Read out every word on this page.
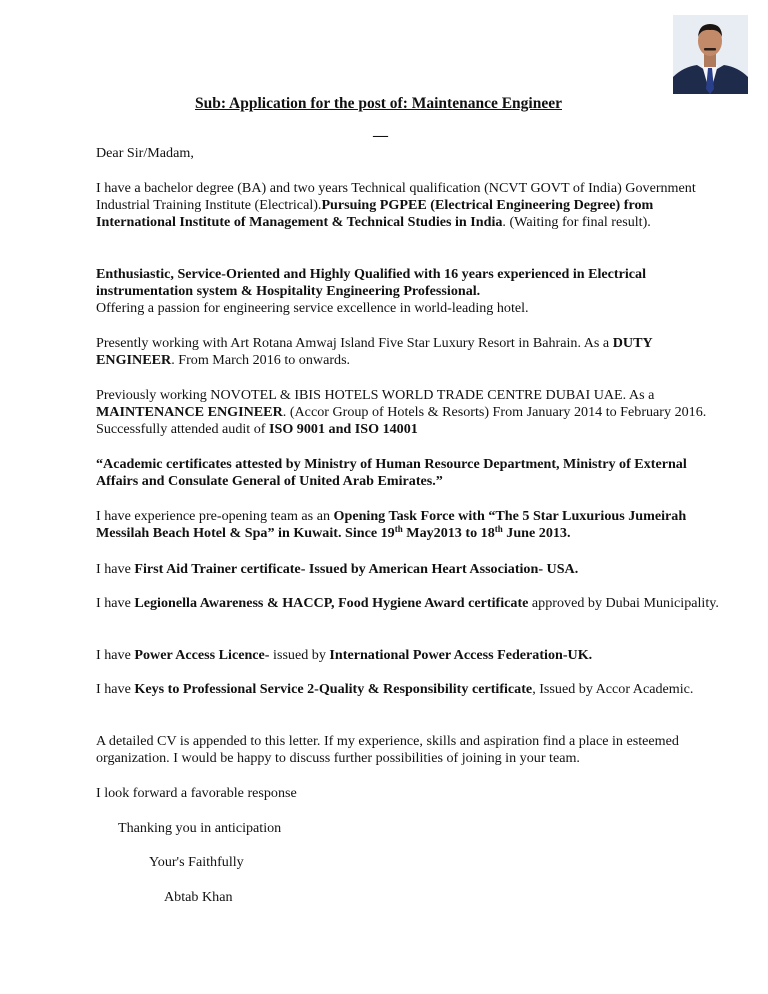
Sub: Application for the post of: Maintenance Engineer
__

Dear Sir/Madam,

I have a bachelor degree (BA) and two years Technical qualification (NCVT GOVT of India) Government Industrial Training Institute (Electrical).Pursuing PGPEE (Electrical Engineering Degree) from International Institute of Management & Technical Studies in India. (Waiting for final result).

Enthusiastic, Service-Oriented and Highly Qualified with 16 years experienced in Electrical instrumentation system & Hospitality Engineering Professional.
Offering a passion for engineering service excellence in world-leading hotel.

Presently working with Art Rotana Amwaj Island Five Star Luxury Resort in Bahrain. As a DUTY ENGINEER. From March 2016 to onwards.

Previously working NOVOTEL & IBIS HOTELS WORLD TRADE CENTRE DUBAI UAE. As a MAINTENANCE ENGINEER. (Accor Group of Hotels & Resorts) From January 2014 to February 2016. Successfully attended audit of ISO 9001 and ISO 14001

“Academic certificates attested by Ministry of Human Resource Department, Ministry of External Affairs and Consulate General of United Arab Emirates.”

I have experience pre-opening team as an Opening Task Force with “The 5 Star Luxurious Jumeirah Messilah Beach Hotel & Spa” in Kuwait. Since 19th May2013 to 18th June 2013.

I have First Aid Trainer certificate- Issued by American Heart Association- USA.

I have Legionella Awareness & HACCP, Food Hygiene Award certificate approved by Dubai Municipality.

I have Power Access Licence- issued by International Power Access Federation-UK.

I have Keys to Professional Service 2-Quality & Responsibility certificate, Issued by Accor Academic.

A detailed CV is appended to this letter. If my experience, skills and aspiration find a place in esteemed organization. I would be happy to discuss further possibilities of joining in your team.

I look forward a favorable response

Thanking you in anticipation

Your's Faithfully

Abtab Khan
